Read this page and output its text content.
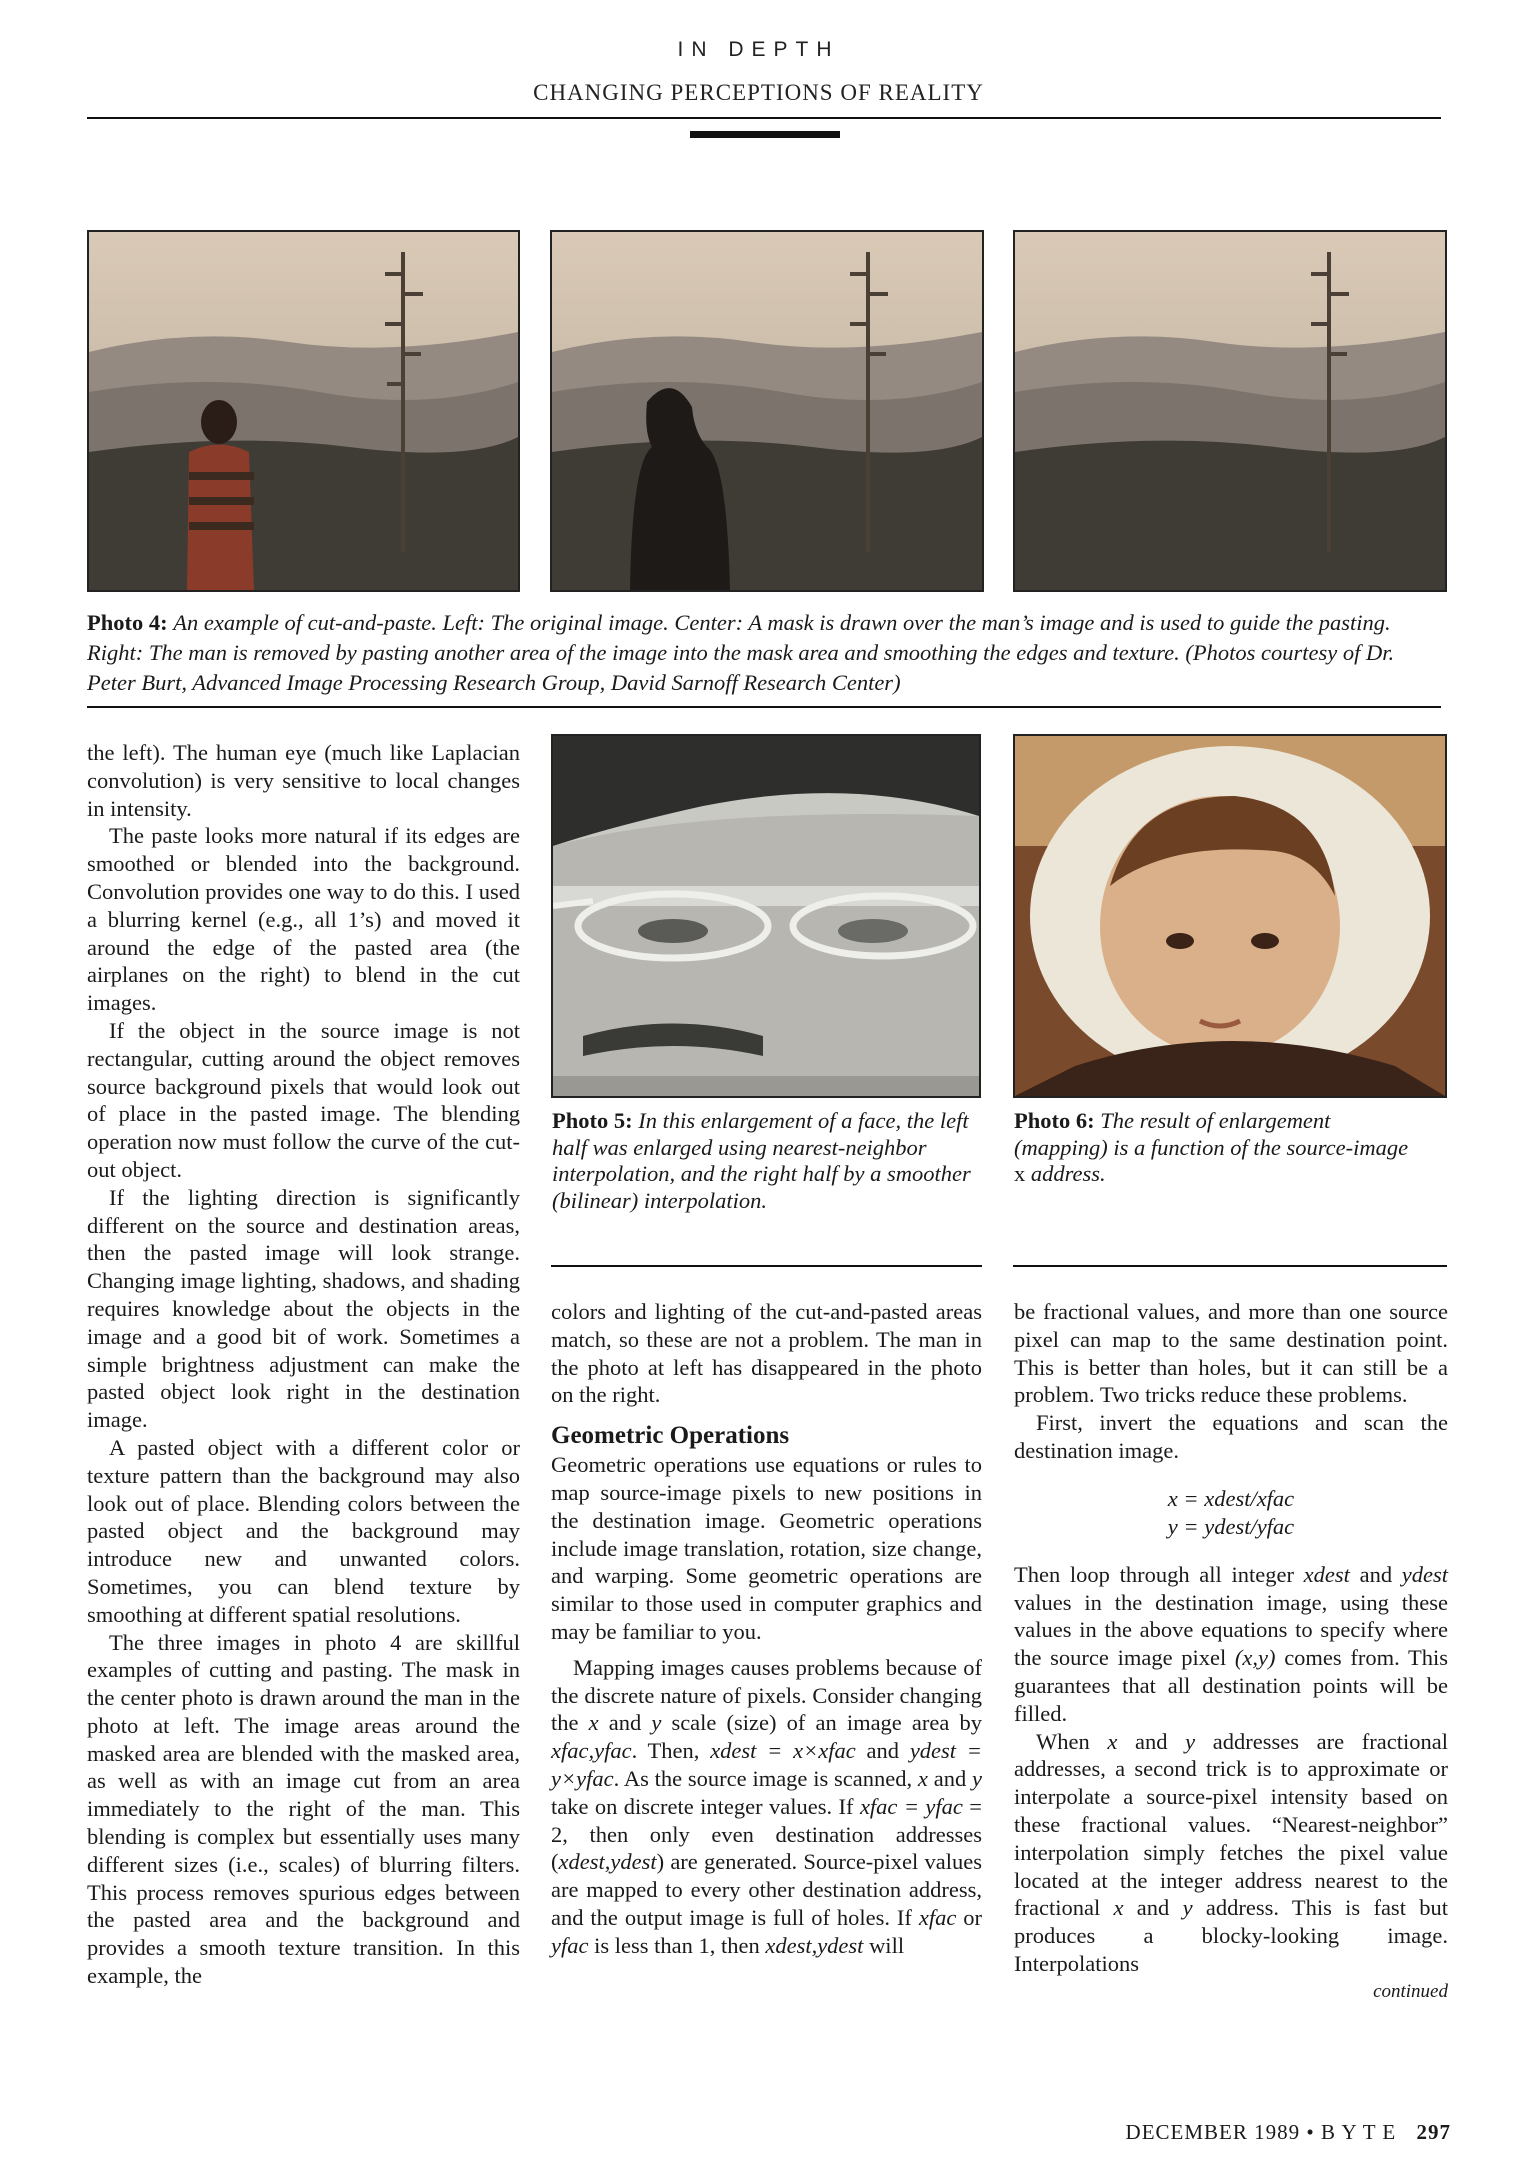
IN DEPTH
CHANGING PERCEPTIONS OF REALITY
Photo 4: An example of cut-and-paste. Left: The original image. Center: A mask is drawn over the man’s image and is used to guide the pasting. Right: The man is removed by pasting another area of the image into the mask area and smoothing the edges and texture. (Photos courtesy of Dr. Peter Burt, Advanced Image Processing Research Group, David Sarnoff Research Center)

the left). The human eye (much like Laplacian convolution) is very sensitive to local changes in intensity.

The paste looks more natural if its edges are smoothed or blended into the background. Convolution provides one way to do this. I used a blurring kernel (e.g., all 1’s) and moved it around the edge of the pasted area (the airplanes on the right) to blend in the cut images.

If the object in the source image is not rectangular, cutting around the object removes source background pixels that would look out of place in the pasted image. The blending operation now must follow the curve of the cut-out object.

If the lighting direction is significantly different on the source and destination areas, then the pasted image will look strange. Changing image lighting, shadows, and shading requires knowledge about the objects in the image and a good bit of work. Sometimes a simple brightness adjustment can make the pasted object look right in the destination image.

A pasted object with a different color or texture pattern than the background may also look out of place. Blending colors between the pasted object and the background may introduce new and unwanted colors. Sometimes, you can blend texture by smoothing at different spatial resolutions.

The three images in photo 4 are skillful examples of cutting and pasting. The mask in the center photo is drawn around the man in the photo at left. The image areas around the masked area are blended with the masked area, as well as with an image cut from an area immediately to the right of the man. This blending is complex but essentially uses many different sizes (i.e., scales) of blurring filters. This process removes spurious edges between the pasted area and the background and provides a smooth texture transition. In this example, the

Photo 5: In this enlargement of a face, the left half was enlarged using nearest-neighbor interpolation, and the right half by a smoother (bilinear) interpolation.
Photo 6: The result of enlargement (mapping) is a function of the source-image x address.

colors and lighting of the cut-and-pasted areas match, so these are not a problem. The man in the photo at left has disappeared in the photo on the right.

Geometric Operations

Geometric operations use equations or rules to map source-image pixels to new positions in the destination image. Geometric operations include image translation, rotation, size change, and warping. Some geometric operations are similar to those used in computer graphics and may be familiar to you.

Mapping images causes problems because of the discrete nature of pixels. Consider changing the x and y scale (size) of an image area by xfac,yfac. Then, xdest = x×xfac and ydest = y×yfac. As the source image is scanned, x and y take on discrete integer values. If xfac = yfac = 2, then only even destination addresses (xdest,ydest) are generated. Source-pixel values are mapped to every other destination address, and the output image is full of holes. If xfac or yfac is less than 1, then xdest,ydest will

be fractional values, and more than one source pixel can map to the same destination point. This is better than holes, but it can still be a problem. Two tricks reduce these problems.

First, invert the equations and scan the destination image.

x = xdest/xfac
y = ydest/yfac

Then loop through all integer xdest and ydest values in the destination image, using these values in the above equations to specify where the source image pixel (x,y) comes from. This guarantees that all destination points will be filled.

When x and y addresses are fractional addresses, a second trick is to approximate or interpolate a source-pixel intensity based on these fractional values. “Nearest-neighbor” interpolation simply fetches the pixel value located at the integer address nearest to the fractional x and y address. This is fast but produces a blocky-looking image. Interpolations

continued
DECEMBER 1989 • B Y T E 297
